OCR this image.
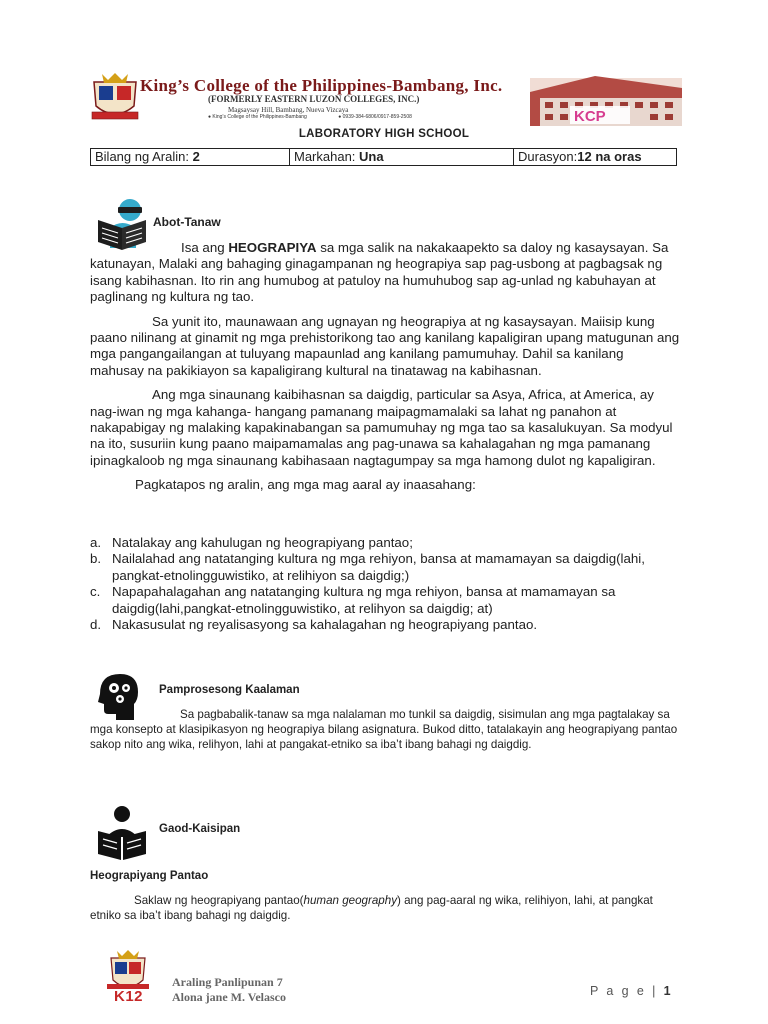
KCP
King’s College of the Philippines-Bambang, Inc.
(FORMERLY EASTERN LUZON COLLEGES, INC.)
Magsaysay Hill, Bambang, Nueva Vizcaya
● King’s College of the Philippines-Bambang	● 0939-384-6806/0917-859-2508
LABORATORY HIGH SCHOOL
Bilang ng Aralin: 2	Markahan: Una	Durasyon:12 na oras
Abot-Tanaw

Isa ang HEOGRAPIYA sa mga salik na nakakaapekto sa daloy ng kasaysayan. Sa katunayan, Malaki ang bahaging ginagampanan ng heograpiya sap pag-usbong at pagbagsak ng isang kabihasnan. Ito rin ang humubog at patuloy na humuhubog sap ag-unlad ng kabuhayan at paglinang ng kultura ng tao.

Sa yunit ito, maunawaan ang ugnayan ng heograpiya at ng kasaysayan. Maiisip kung paano nilinang at ginamit ng mga prehistorikong tao ang kanilang kapaligiran upang matugunan ang mga pangangailangan at tuluyang mapaunlad ang kanilang pamumuhay. Dahil sa kanilang mahusay na pakikiayon sa kapaligirang kultural na tinatawag na kabihasnan.

Ang mga sinaunang kaibihasnan sa daigdig, particular sa Asya, Africa, at America, ay nag-iwan ng mga kahanga- hangang pamanang maipagmamalaki sa lahat ng panahon at nakapabigay ng malaking kapakinabangan sa pamumuhay ng mga tao sa kasalukuyan. Sa modyul na ito, susuriin kung paano maipamamalas ang pag-unawa sa kahalagahan ng mga pamanang ipinagkaloob ng mga sinaunang kabihasaan nagtagumpay sa mga hamong dulot ng kapaligiran.

Pagkatapos ng aralin, ang mga mag aaral ay inaasahang:

a. Natalakay ang kahulugan ng heograpiyang pantao;
b. Nailalahad ang natatanging kultura ng mga rehiyon, bansa at mamamayan sa daigdig(lahi, pangkat-etnolingguwistiko, at relihiyon sa daigdig;)
c. Napapahalagahan ang natatanging kultura ng mga rehiyon, bansa at mamamayan sa daigdig(lahi,pangkat-etnolingguwistiko, at relihyon sa daigdig; at)
d. Nakasusulat ng reyalisasyong sa kahalagahan ng heograpiyang pantao.
Pamprosesong Kaalaman

Sa pagbabalik-tanaw sa mga nalalaman mo tunkil sa daigdig, sisimulan ang mga pagtalakay sa mga konsepto at klasipikasyon ng heograpiya bilang asignatura. Bukod ditto, tatalakayin ang heograpiyang pantao sakop nito ang wika, relihyon, lahi at pangakat-etniko sa iba’t ibang bahagi ng daigdig.

Gaod-Kaisipan
Heograpiyang Pantao

Saklaw ng heograpiyang pantao(human geography) ang pag-aaral ng wika, relihiyon, lahi, at pangkat etniko sa iba’t ibang bahagi ng daigdig.

K12
Araling Panlipunan 7
Alona jane M. Velasco	P a g e | 1
